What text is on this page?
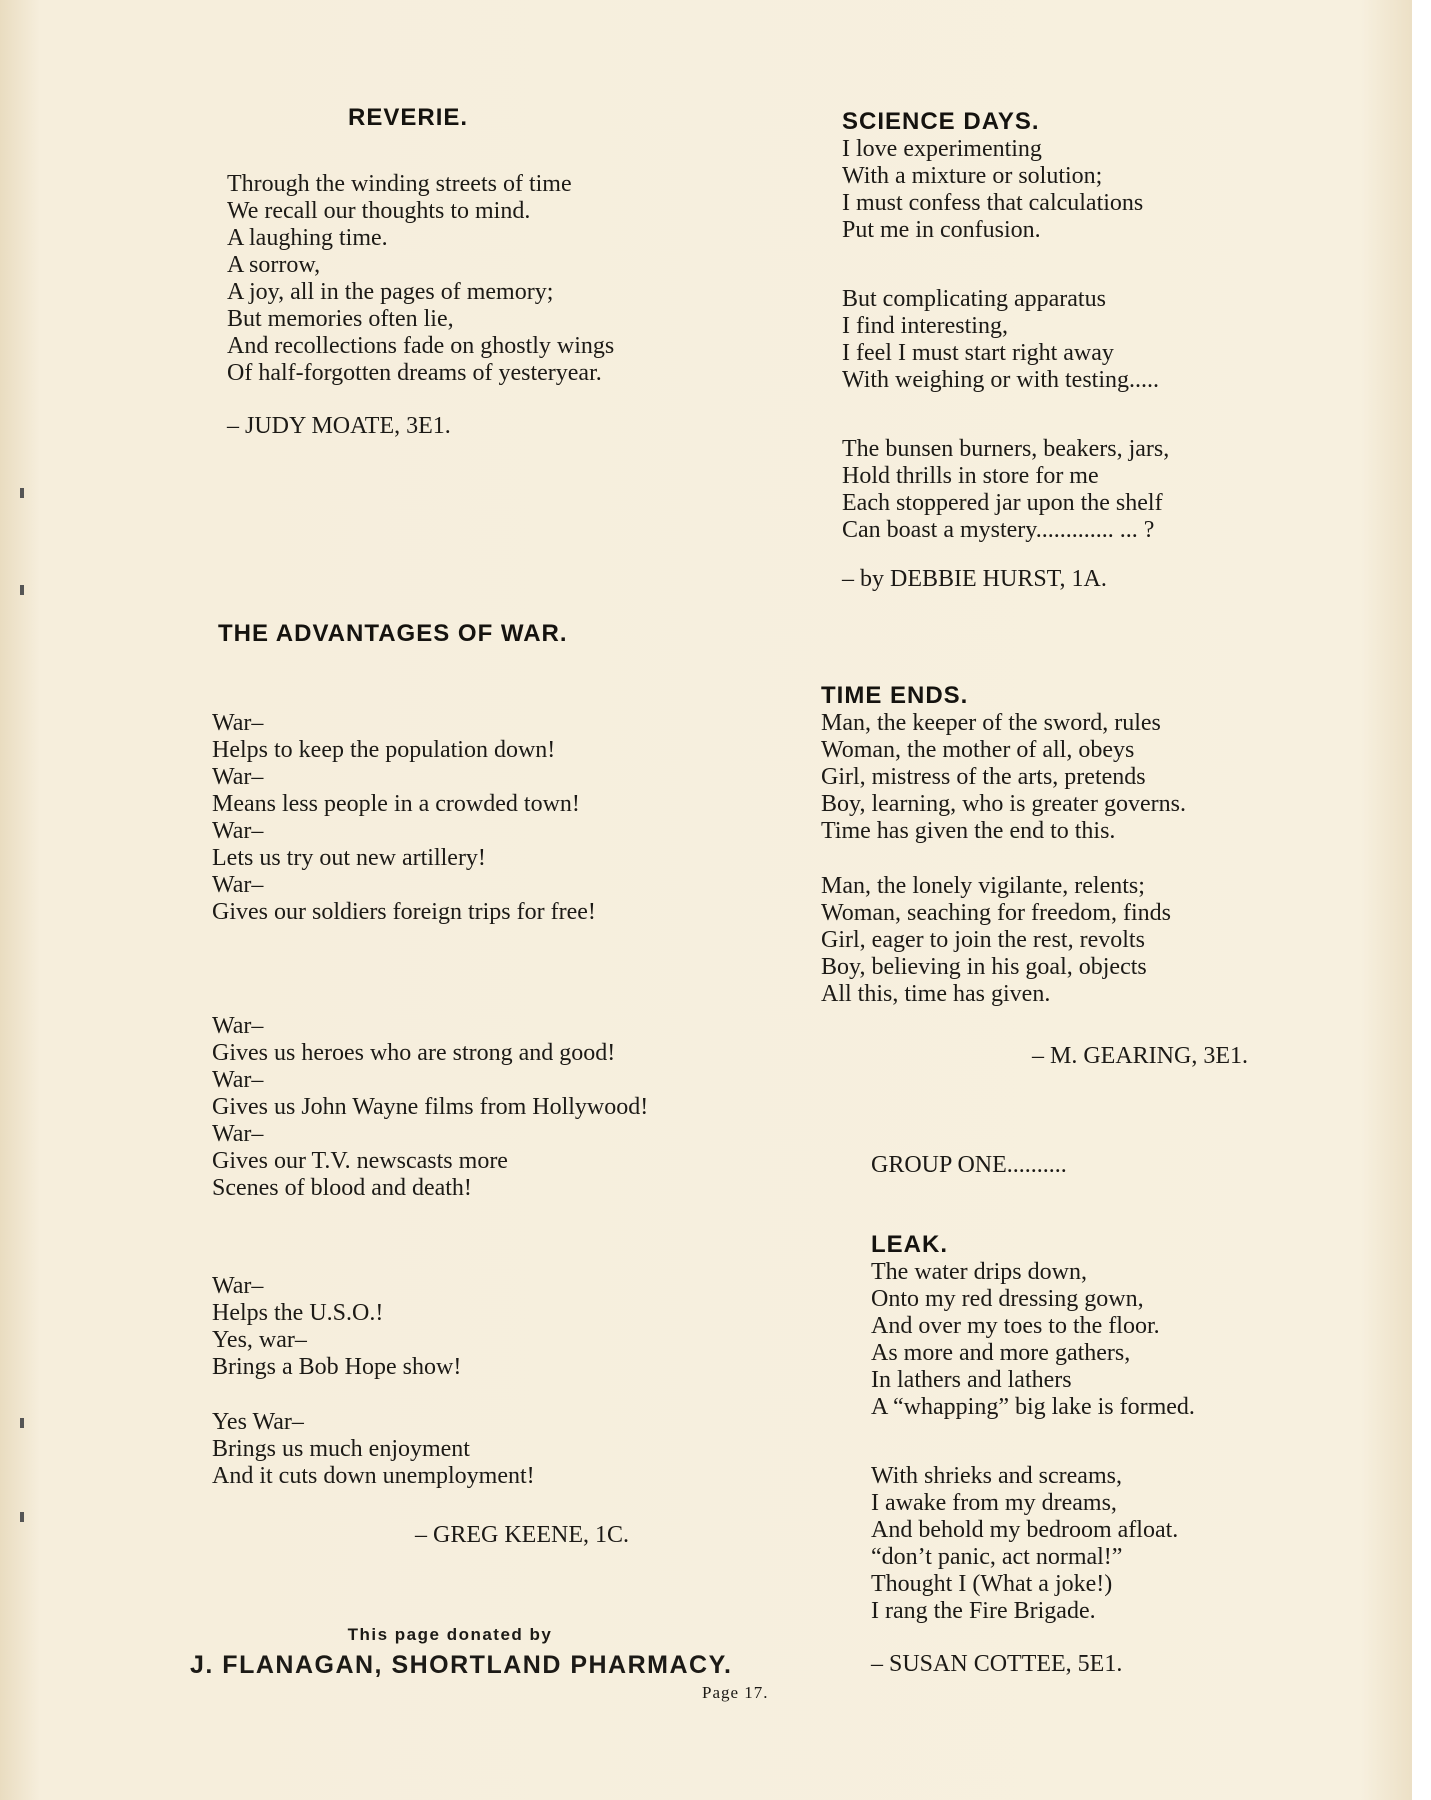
REVERIE.
Through the winding streets of time
We recall our thoughts to mind.
A laughing time.
A sorrow,
A joy, all in the pages of memory;
But memories often lie,
And recollections fade on ghostly wings
Of half-forgotten dreams of yesteryear.
– JUDY MOATE, 3E1.
SCIENCE DAYS.
I love experimenting
With a mixture or solution;
I must confess that calculations
Put me in confusion.
But complicating apparatus
I find interesting,
I feel I must start right away
With weighing or with testing.....
The bunsen burners, beakers, jars,
Hold thrills in store for me
Each stoppered jar upon the shelf
Can boast a mystery............. ... ?
– by DEBBIE HURST, 1A.
THE ADVANTAGES OF WAR.
War–
Helps to keep the population down!
War–
Means less people in a crowded town!
War–
Lets us try out new artillery!
War–
Gives our soldiers foreign trips for free!
War–
Gives us heroes who are strong and good!
War–
Gives us John Wayne films from Hollywood!
War–
Gives our T.V. newscasts more
Scenes of blood and death!
War–
Helps the U.S.O.!
Yes, war–
Brings a Bob Hope show!
Yes War–
Brings us much enjoyment
And it cuts down unemployment!
– GREG KEENE, 1C.
TIME ENDS.
Man, the keeper of the sword, rules
Woman, the mother of all, obeys
Girl, mistress of the arts, pretends
Boy, learning, who is greater governs.
Time has given the end to this.
Man, the lonely vigilante, relents;
Woman, seaching for freedom, finds
Girl, eager to join the rest, revolts
Boy, believing in his goal, objects
All this, time has given.
– M. GEARING, 3E1.
GROUP ONE..........
LEAK.
The water drips down,
Onto my red dressing gown,
And over my toes to the floor.
As more and more gathers,
In lathers and lathers
A “whapping” big lake is formed.
With shrieks and screams,
I awake from my dreams,
And behold my bedroom afloat.
“don’t panic, act normal!”
Thought I (What a joke!)
I rang the Fire Brigade.
– SUSAN COTTEE, 5E1.
This page donated by
J. FLANAGAN, SHORTLAND PHARMACY.
Page 17.
